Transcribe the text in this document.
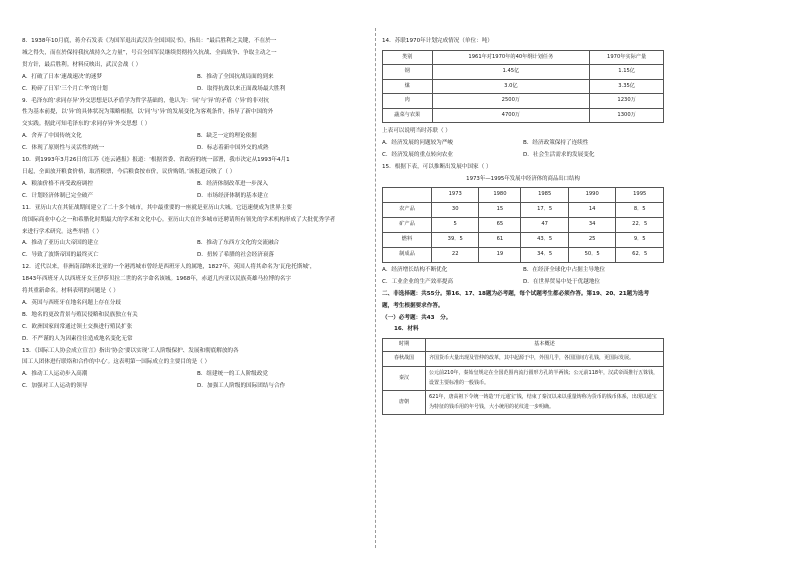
8．1938年10月底，蒋介石发表《为国军退出武汉告全国国民书》，指出：“最后胜利之关键，不在於一

城之得失，而在於保持我抗战持久之力量”，号召全国军民继续贯彻持久抗战、全面战争、争取主动之一

贯方针，最后胜利。材料反映出，武汉会战（ ）

A．打破了日本‘速战速决’的迷梦	B．推动了全国抗战局面的到来
C．粉碎了日军‘三个月亡华’的计划	D．取得抗战以来正面战场最大胜利

9．毛泽东的‘求同存异’外交思想是以矛盾学为哲学基础的，他认为：‘同’与‘异’的矛盾（‘异’的非对抗

性为基本前提，以‘异’的具体状况为策略根据，以‘同’与‘异’的发展变化为客观条件，指导了新中国的外

交实践。据此可知毛泽东的‘求同存异’外交思想（ ）

A．舍弃了中国传统文化	B．缺乏一定的理论依据
C．体现了原则性与灵活性的统一	D．标志着新中国外交的成熟

10．到1993年3月26日的江苏《连云港报》报道：‘根据省委、省政府的统一部署，我市决定从1993年4月1

日起，全面放开粮食价格，取消粮票，今后粮食按市价，议价购销。’该报道反映了（ ）

A．粮油价格不再受政府调控	B．经济体制改革进一步深入
C．计划经济体制已完全破产	D．市场经济体制的基本建立

11．亚历山大在其征战期间建立了二十多个城市，其中最重要的一座就是亚历山大城。它迅速便成为世界主要

的国际商业中心之一和希腊化时期最大的学术和文化中心。亚历山大在许多城市还聘请所有领先的学术机构形成了大批优秀学者

来进行学术研究。这些举措（ ）

A．推动了亚历山大帝国的建立	B．推动了东西方文化的交流融合
C．导致了波斯帝国的最终灭亡	D．扭转了希腊的社会经济衰落

12．近代以来，非洲南部纳米比亚的一个港湾城市曾经是西班牙人的属地，1827年，英国人将其命名为‘瓦伦托斯城’，

1843年西班牙人以西班牙女王伊莎贝拉二世的名字命名该城。1968年，赤道几内亚以民族英雄马拉博的名字

将其重新命名。材料表明的问题是（ ）

A．英国与西班牙在地名问题上存在分歧

B．地名的更改背景与殖民侵略和民族独立有关

C．欧洲国家间常通过领土交换进行殖民扩张

D．不严谨的人为因素往往造成地名变化无常

13．《国际工人协会成立宣言》指出‘协会’要以实现‘工人阶级保护、发展和彻底解放的各

国工人团体进行联络和合作的中心’。这表明第一国际成立的主要目的是（ ）

A．推动工人运动步入高潮	B．组建统一的工人阶级政党
C．加强对工人运动的领导	D．加强工人阶级的国际团结与合作

14．苏联1970年计划完成情况（单位：吨）

类别	1961年对1970年的40年纲计划任务	1970年实际产量
钢	1.45亿	1.15亿
煤	3.0亿	3.35亿
肉	2500万	1230万
蔬菜与农果	4700万	1300万

上表可以说明当时苏联（ ）

A．经济发展的问题较为严峻	B．经济政策保持了连续性
C．经济发展的重点转向农业	D．社会生活需求的发展变化

15．根据下表，可以推断出发展中国家（ ）

1973年—1995年发展中经济体的商品出口结构

	1973	1980	1985	1990	1995
农产品	30	15	17．5	14	8．5
矿产品	5	65	47	34	22．5
燃料	39．5	61	43．5	25	9．5
制成品	22	19	34．5	50．5	62．5
A．经济增长结构不断优化	B．在经济全球化中占据主导地位
C．工业企业的生产效率提高	D．在世界贸易中处于优越地位

二、非选择题：共55分。第16、17、18题为必考题，每个试题考生都必须作答。第19、20、21题为选考

题，考生根据要求作答。

（一）必考题：共43　分。

16．材料

时期	基本概述
春秋战国	齐国货币大量出现及管仲的改革，其中起源于中，外围几乎，各国国间方孔钱，更国际发展。
秦汉	公元前210年，秦始皇规定在全国范围内流行圆形方孔的半两钱；公元前118年，汉武帝面推行五铢钱，设置主要标准的一般钱币。
唐朝	621年，唐高祖下令统一铸造‘开元通宝’钱，结束了秦汉以来以重量铸称为货币的钱币体系，出现以通宝为特征的钱币用的年号钱，大小统用的花纹进一步明确。
